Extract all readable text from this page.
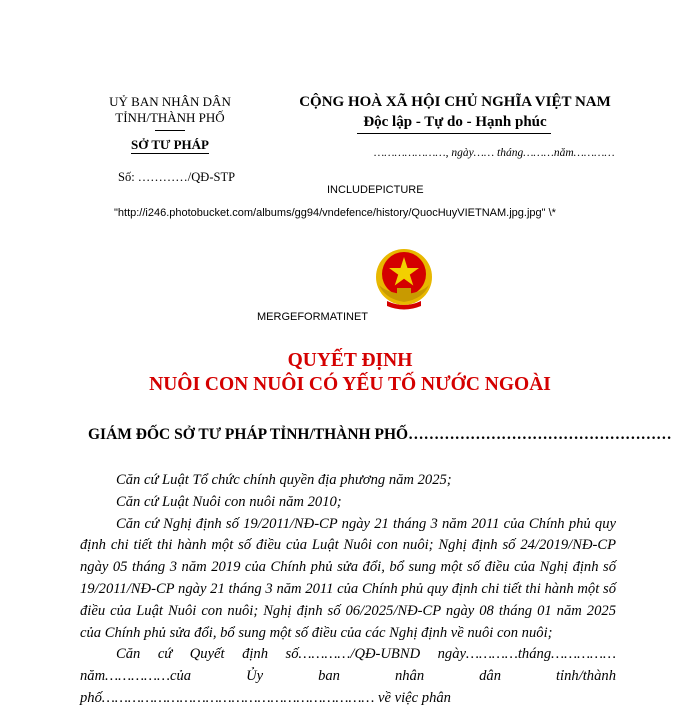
UỶ BAN NHÂN DÂN
TỈNH/THÀNH PHỐ
SỞ TƯ PHÁP
Số: …………/QĐ-STP
CỘNG HOÀ XÃ HỘI CHỦ NGHĨA VIỆT NAM
Độc lập - Tự do - Hạnh phúc
…………………, ngày…… tháng………năm…………
INCLUDEPICTURE
"http://i246.photobucket.com/albums/gg94/vndefence/history/QuocHuyVIETNAM.jpg.jpg" \*
MERGEFORMATINET
QUYẾT ĐỊNH
NUÔI CON NUÔI CÓ YẾU TỐ NƯỚC NGOÀI
GIÁM ĐỐC SỞ TƯ PHÁP TỈNH/THÀNH PHỐ……………………………………………

Căn cứ Luật Tổ chức chính quyền địa phương năm 2025;

Căn cứ Luật Nuôi con nuôi năm 2010;

Căn cứ Nghị định số 19/2011/NĐ-CP ngày 21 tháng 3 năm 2011 của Chính phủ quy định chi tiết thi hành một số điều của Luật Nuôi con nuôi; Nghị định số 24/2019/NĐ-CP ngày 05 tháng 3 năm 2019 của Chính phủ sửa đổi, bổ sung một số điều của Nghị định số 19/2011/NĐ-CP ngày 21 tháng 3 năm 2011 của Chính phủ quy định chi tiết thi hành một số điều của Luật Nuôi con nuôi; Nghị định số 06/2025/NĐ-CP ngày 08 tháng 01 năm 2025 của Chính phủ sửa đổi, bổ sung một số điều của các Nghị định về nuôi con nuôi;

Căn cứ Quyết định số…………/QĐ-UBND ngày…………tháng……………năm……………của Ủy ban nhân dân tỉnh/thành phố……………………………………………………… về việc phân
